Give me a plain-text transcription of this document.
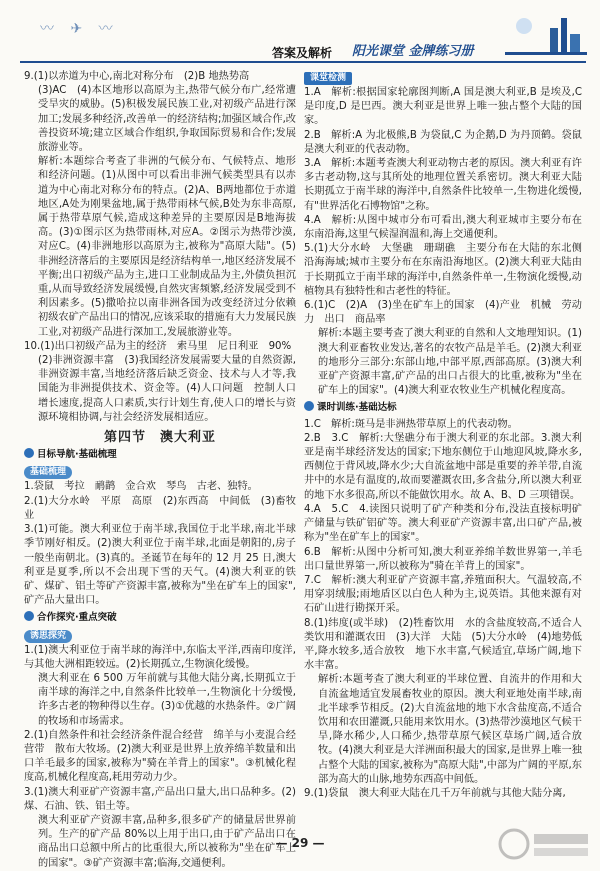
〰︎ ✈ 〰︎
答案及解析 阳光课堂 金牌练习册

9.(1)以赤道为中心,南北对称分布　(2)B 地热势高

(3)AC　(4)本区地形以高原为主,热带气候分布广,经常遭受旱灾的威胁。(5)积极发展民族工业,对初级产品进行深加工;发展多种经济,改善单一的经济结构;加强区域合作,改善投资环境;建立区域合作组织,争取国际贸易和合作;发展旅游业等。

解析:本题综合考查了非洲的气候分布、气候特点、地形和经济问题。(1)从图中可以看出非洲气候类型具有以赤道为中心南北对称分布的特点。(2)A、B两地都位于赤道地区,A处为刚果盆地,属于热带雨林气候,B处为东非高原,属于热带草原气候,造成这种差异的主要原因是B地海拔高。(3)①图示区为热带雨林,对应A。②图示为热带沙漠,对应C。(4)非洲地形以高原为主,被称为"高原大陆"。(5)非洲经济落后的主要原因是经济结构单一,地区经济发展不平衡;出口初级产品为主,进口工业制成品为主,外债负担沉重,从而导致经济发展缓慢,自然灾害频繁,经济发展受到不利因素多。(5)撒哈拉以南非洲各国为改变经济过分依赖初级农矿产品出口的情况,应该采取的措施有大力发展民族工业,对初级产品进行深加工,发展旅游业等。

10.(1)出口初级产品为主的经济　索马里　尼日利亚　90%

(2)非洲资源丰富　(3)我国经济发展需要大量的自然资源,非洲资源丰富,当地经济落后缺乏资金、技术与人才等,我国能为非洲提供技术、资金等。(4)人口问题　控制人口增长速度,提高人口素质,实行计划生育,使人口的增长与资源环境相协调,与社会经济发展相适应。

第四节　澳大利亚
目标导航·基础梳理
基础梳理

1.袋鼠　考拉　鸸鹋　金合欢　琴鸟　古老、独特。

2.(1)大分水岭　平原　高原　(2)东西高　中间低　(3)畜牧业

3.(1)可能。澳大利亚位于南半球,我国位于北半球,南北半球季节刚好相反。(2)澳大利亚位于南半球,北面是朝阳的,房子一般坐南朝北。(3)真的。圣诞节在每年的 12 月 25 日,澳大利亚是夏季,所以不会出现下雪的天气。(4)澳大利亚的铁矿、煤矿、铝土等矿产资源丰富,被称为"坐在矿车上的国家",矿产品大量出口。

合作探究·重点突破
诱思探究

1.(1)澳大利亚位于南半球的海洋中,东临太平洋,西南印度洋,与其他大洲相距较远。(2)长期孤立,生物演化缓慢。

澳大利亚在 6 500 万年前就与其他大陆分离,长期孤立于南半球的海洋之中,自然条件比较单一,生物演化十分缓慢,许多古老的物种得以生存。(3)①优越的水热条件。②广阔的牧场和市场需求。

2.(1)自然条件和社会经济条件混合经营　绵羊与小麦混合经营带　散布大牧场。(2)澳大利亚是世界上放养绵羊数量和出口羊毛最多的国家,被称为"骑在羊背上的国家"。③机械化程度高,机械化程度高,耗用劳动力少。

3.(1)澳大利亚矿产资源丰富,产品出口量大,出口品种多。(2)煤、石油、铁、铝土等。

澳大利亚矿产资源丰富,品种多,很多矿产的储量居世界前列。生产的矿产品 80%以上用于出口,由于矿产品出口在商品出口总额中所占的比重很大,所以被称为"坐在矿车上的国家"。③矿产资源丰富;临海,交通便利。

课堂检测

1.A　解析:根据国家轮廓图判断,A 国是澳大利亚,B 是埃及,C 是印度,D 是巴西。澳大利亚是世界上唯一独占整个大陆的国家。

2.B　解析:A 为北极熊,B 为袋鼠,C 为企鹅,D 为丹顶鹤。袋鼠是澳大利亚的代表动物。

3.A　解析:本题考查澳大利亚动物古老的原因。澳大利亚有许多古老动物,这与其所处的地理位置关系密切。澳大利亚大陆长期孤立于南半球的海洋中,自然条件比较单一,生物进化缓慢,有"世界活化石博物馆"之称。

4.A　解析:从图中城市分布可看出,澳大利亚城市主要分布在东南沿海,这里气候湿润温和,海上交通便利。

5.(1)大分水岭　大堡礁　珊瑚礁　主要分布在大陆的东北侧沿海海域;城市主要分布在东南沿海地区。(2)澳大利亚大陆由于长期孤立于南半球的海洋中,自然条件单一,生物演化缓慢,动植物具有独特性和古老性的特征。

6.(1)C　(2)A　(3)坐在矿车上的国家　(4)产业　机械　劳动力　出口　商品率

解析:本题主要考查了澳大利亚的自然和人文地理知识。(1)澳大利亚畜牧业发达,著名的农牧产品是羊毛。(2)澳大利亚的地形分三部分:东部山地,中部平原,西部高原。(3)澳大利亚矿产资源丰富,矿产品的出口占很大的比重,被称为"坐在矿车上的国家"。(4)澳大利亚农牧业生产机械化程度高。

课时训练·基础达标

1.C　解析:斑马是非洲热带草原上的代表动物。

2.B　3.C　解析:大堡礁分布于澳大利亚的东北部。3.澳大利亚是南半球经济发达的国家;下地东侧位于山地迎风坡,降水多,西侧位于背风坡,降水少;大自流盆地中部是重要的养羊带,自流井中的水是有温度的,故而要灌溉农田,多含盐分,所以澳大利亚的地下水多很高,所以不能做饮用水。故 A、B、D 三项错误。

4.A　5.C　4.读图只说明了矿产种类和分布,没法直接标明矿产储量与铁矿铝矿等。澳大利亚矿产资源丰富,出口矿产品,被称为"坐在矿车上的国家"。

6.B　解析:从图中分析可知,澳大利亚养绵羊数世界第一,羊毛出口量世界第一,所以被称为"骑在羊背上的国家"。

7.C　解析:澳大利亚矿产资源丰富,养殖面积大。气温较高,不用穿羽绒服;雨地盾区以白色人种为主,说英语。其他来源有对石矿山进行勘探开采。

8.(1)纬度(或半球)　(2)牲畜饮用　水的含盐度较高,不适合人类饮用和灌溉农田　(3)大洋　大陆　(5)大分水岭　(4)地势低平,降水较多,适合放牧　地下水丰富,气候适宜,草场广阔,地下水丰富。

解析:本题考查了澳大利亚的半球位置、自流井的作用和大自流盆地适宜发展畜牧业的原因。澳大利亚地处南半球,南北半球季节相反。(2)大自流盆地的地下水含盐度高,不适合饮用和农田灌溉,只能用来饮用水。(3)热带沙漠地区气候干旱,降水稀少,人口稀少,热带草原气候区草场广阔,适合放牧。(4)澳大利亚是大洋洲面积最大的国家,是世界上唯一独占整个大陆的国家,被称为"高原大陆",中部为广阔的平原,东部为高大的山脉,地势东西高中间低。

9.(1)袋鼠　澳大利亚大陆在几千万年前就与其他大陆分离,

— 29 —
